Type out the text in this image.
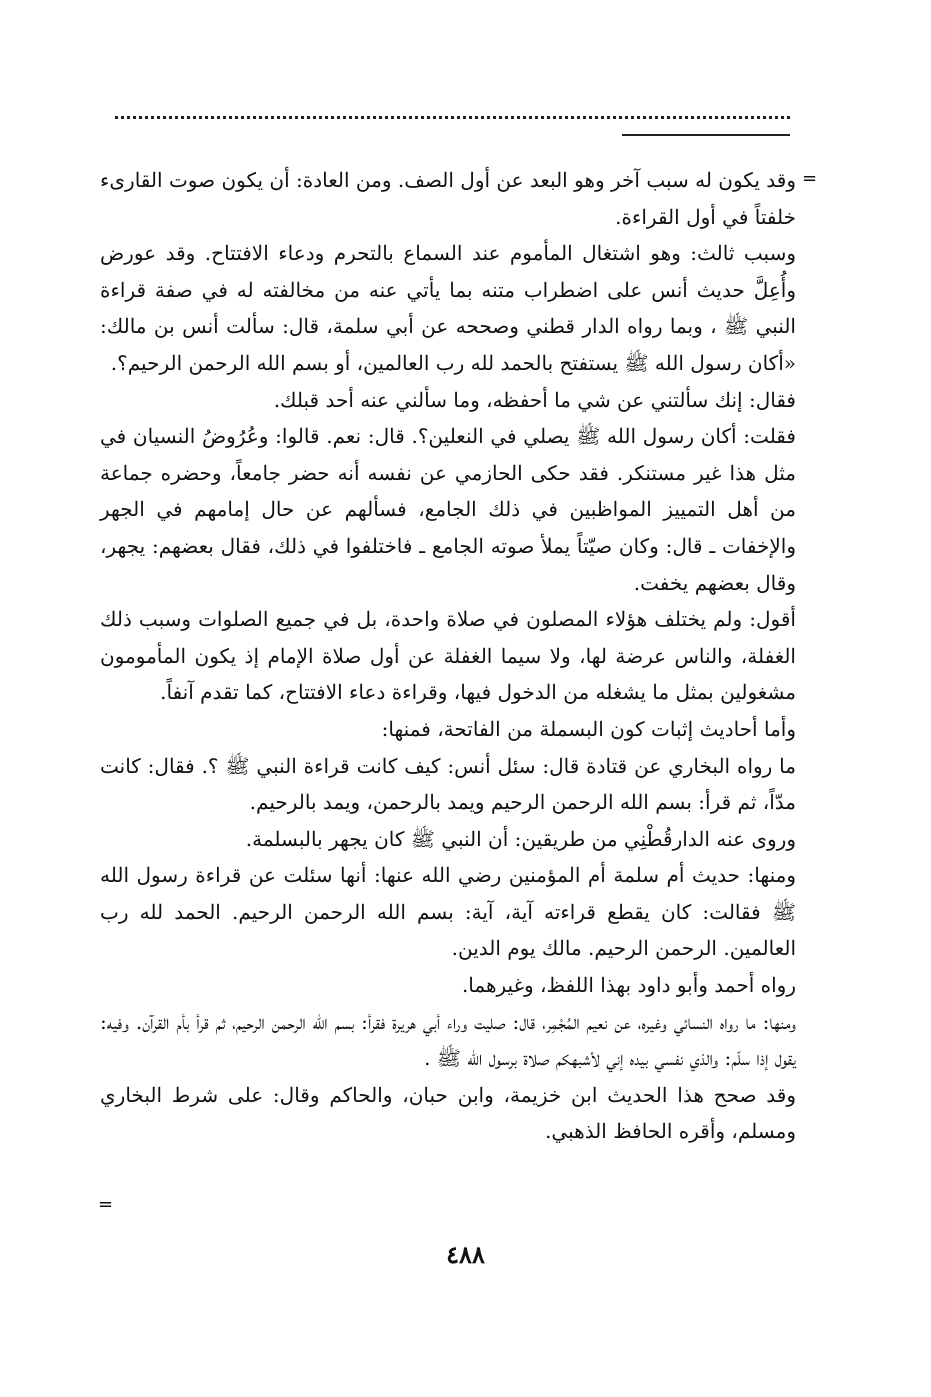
=

وقد يكون له سبب آخر وهو البعد عن أول الصف. ومن العادة: أن يكون صوت القارىء خلفتاً في أول القراءة.

وسبب ثالث: وهو اشتغال المأموم عند السماع بالتحرم ودعاء الافتتاح. وقد عورض وأُعِلَّ حديث أنس على اضطراب متنه بما يأتي عنه من مخالفته له في صفة قراءة النبي ﷺ ، وبما رواه الدار قطني وصححه عن أبي سلمة، قال: سألت أنس بن مالك: «أكان رسول الله ﷺ يستفتح بالحمد لله رب العالمين، أو بسم الله الرحمن الرحيم؟.

فقال: إنك سألتني عن شي ما أحفظه، وما سألني عنه أحد قبلك.

فقلت: أكان رسول الله ﷺ يصلي في النعلين؟. قال: نعم. قالوا: وعُرُوضُ النسيان في مثل هذا غير مستنكر. فقد حكى الحازمي عن نفسه أنه حضر جامعاً، وحضره جماعة من أهل التمييز المواظبين في ذلك الجامع، فسألهم عن حال إمامهم في الجهر والإخفات ـ قال: وكان صيّتاً يملأ صوته الجامع ـ فاختلفوا في ذلك، فقال بعضهم: يجهر، وقال بعضهم يخفت.

أقول: ولم يختلف هؤلاء المصلون في صلاة واحدة، بل في جميع الصلوات وسبب ذلك الغفلة، والناس عرضة لها، ولا سيما الغفلة عن أول صلاة الإمام إذ يكون المأمومون مشغولين بمثل ما يشغله من الدخول فيها، وقراءة دعاء الافتتاح، كما تقدم آنفاً.

وأما أحاديث إثبات كون البسملة من الفاتحة، فمنها:

ما رواه البخاري عن قتادة قال: سئل أنس: كيف كانت قراءة النبي ﷺ ؟. فقال: كانت مدّاً، ثم قرأ: بسم الله الرحمن الرحيم ويمد بالرحمن، ويمد بالرحيم.

وروى عنه الدارقُطْنِي من طريقين: أن النبي ﷺ كان يجهر بالبسلمة.

ومنها: حديث أم سلمة أم المؤمنين رضي الله عنها: أنها سئلت عن قراءة رسول الله ﷺ فقالت: كان يقطع قراءته آية، آية: بسم الله الرحمن الرحيم. الحمد لله رب العالمين. الرحمن الرحيم. مالك يوم الدين.

رواه أحمد وأبو داود بهذا اللفظ، وغيرهما.

ومنها: ما رواه النسائي وغيره، عن نعيم المُجْمِر، قال: صليت وراء أبي هريرة فقرأ: بسم الله الرحمن الرحيم، ثم قرأ بأم القرآن. وفيه: يقول إذا سلّم: والذي نفسي بيده إني لأشبهكم صلاة برسول الله ﷺ .

وقد صحح هذا الحديث ابن خزيمة، وابن حبان، والحاكم وقال: على شرط البخاري ومسلم، وأقره الحافظ الذهبي.

=
٤٨٨
